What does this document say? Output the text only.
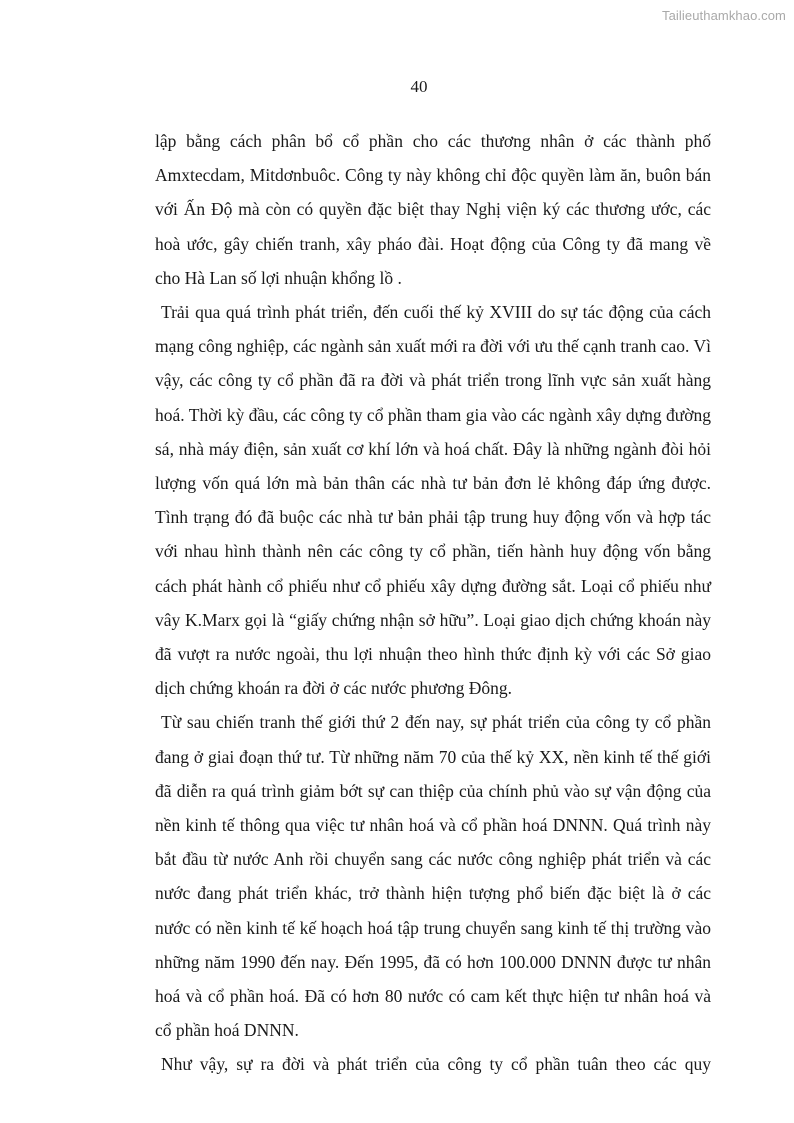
Tailieuthamkhao.com
40

lập bằng cách phân bổ cổ phần cho các thương nhân ở các thành phố Amxtecdam, Mitdơnbuôc. Công ty này không chỉ độc quyền làm ăn, buôn bán với Ấn Độ mà còn có quyền đặc biệt thay Nghị viện ký các thương ước, các hoà ước, gây chiến tranh, xây pháo đài. Hoạt động của Công ty đã mang về cho Hà Lan số lợi nhuận khổng lồ .

Trải qua quá trình phát triển, đến cuối thế kỷ XVIII do sự tác động của cách mạng công nghiệp, các ngành sản xuất mới ra đời với ưu thế cạnh tranh cao. Vì vậy, các công ty cổ phần đã ra đời và phát triển trong lĩnh vực sản xuất hàng hoá. Thời kỳ đầu, các công ty cổ phần tham gia vào các ngành xây dựng đường sá, nhà máy điện, sản xuất cơ khí lớn và hoá chất. Đây là những ngành đòi hỏi lượng vốn quá lớn mà bản thân các nhà tư bản đơn lẻ không đáp ứng được. Tình trạng đó đã buộc các nhà tư bản phải tập trung huy động vốn và hợp tác với nhau hình thành nên các công ty cổ phần, tiến hành huy động vốn bằng cách phát hành cổ phiếu như cổ phiếu xây dựng đường sắt. Loại cổ phiếu như vây K.Marx gọi là “giấy chứng nhận sở hữu”. Loại giao dịch chứng khoán này đã vượt ra nước ngoài, thu lợi nhuận theo hình thức định kỳ với các Sở giao dịch chứng khoán ra đời ở các nước phương Đông.

Từ sau chiến tranh thế giới thứ 2 đến nay, sự phát triển của công ty cổ phần đang ở giai đoạn thứ tư. Từ những năm 70 của thế kỷ XX, nền kinh tế thế giới đã diễn ra quá trình giảm bớt sự can thiệp của chính phủ vào sự vận động của nền kinh tế thông qua việc tư nhân hoá và cổ phần hoá DNNN. Quá trình này bắt đầu từ nước Anh rồi chuyển sang các nước công nghiệp phát triển và các nước đang phát triển khác, trở thành hiện tượng phổ biến đặc biệt là ở các nước có nền kinh tế kế hoạch hoá tập trung chuyển sang kinh tế thị trường vào những năm 1990 đến nay. Đến 1995, đã có hơn 100.000 DNNN được tư nhân hoá và cổ phần hoá. Đã có hơn 80 nước có cam kết thực hiện tư nhân hoá và cổ phần hoá DNNN.

Như vậy, sự ra đời và phát triển của công ty cổ phần tuân theo các quy
